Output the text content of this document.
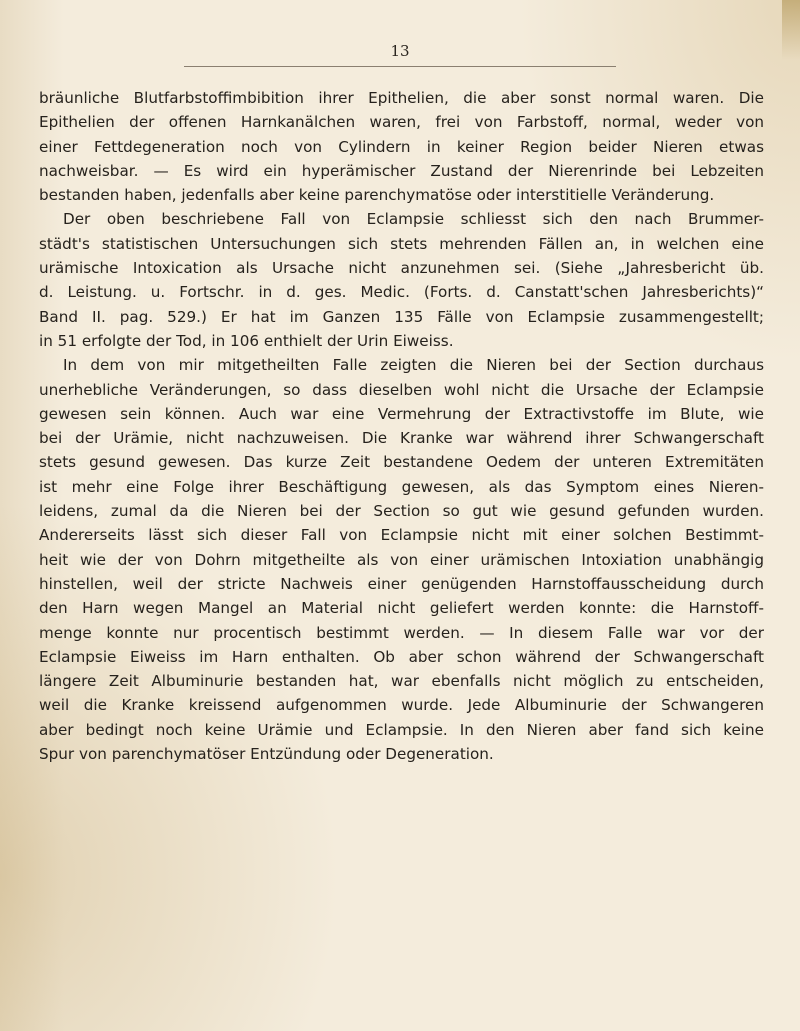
13
bräunliche Blutfarbstoffimbibition ihrer Epithelien, die aber sonst normal waren. Die
Epithelien der offenen Harnkanälchen waren, frei von Farbstoff, normal, weder von
einer Fettdegeneration noch von Cylindern in keiner Region beider Nieren etwas
nachweisbar. — Es wird ein hyperämischer Zustand der Nierenrinde bei Lebzeiten
bestanden haben, jedenfalls aber keine parenchymatöse oder interstitielle Veränderung.
Der oben beschriebene Fall von Eclampsie schliesst sich den nach Brummer-
städt's statistischen Untersuchungen sich stets mehrenden Fällen an, in welchen eine
urämische Intoxication als Ursache nicht anzunehmen sei. (Siehe „Jahresbericht üb.
d. Leistung. u. Fortschr. in d. ges. Medic. (Forts. d. Canstatt'schen Jahresberichts)“
Band II. pag. 529.) Er hat im Ganzen 135 Fälle von Eclampsie zusammengestellt;
in 51 erfolgte der Tod, in 106 enthielt der Urin Eiweiss.
In dem von mir mitgetheilten Falle zeigten die Nieren bei der Section durchaus
unerhebliche Veränderungen, so dass dieselben wohl nicht die Ursache der Eclampsie
gewesen sein können. Auch war eine Vermehrung der Extractivstoffe im Blute, wie
bei der Urämie, nicht nachzuweisen. Die Kranke war während ihrer Schwangerschaft
stets gesund gewesen. Das kurze Zeit bestandene Oedem der unteren Extremitäten
ist mehr eine Folge ihrer Beschäftigung gewesen, als das Symptom eines Nieren-
leidens, zumal da die Nieren bei der Section so gut wie gesund gefunden wurden.
Andererseits lässt sich dieser Fall von Eclampsie nicht mit einer solchen Bestimmt-
heit wie der von Dohrn mitgetheilte als von einer urämischen Intoxiation unabhängig
hinstellen, weil der stricte Nachweis einer genügenden Harnstoffausscheidung durch
den Harn wegen Mangel an Material nicht geliefert werden konnte: die Harnstoff-
menge konnte nur procentisch bestimmt werden. — In diesem Falle war vor der
Eclampsie Eiweiss im Harn enthalten. Ob aber schon während der Schwangerschaft
längere Zeit Albuminurie bestanden hat, war ebenfalls nicht möglich zu entscheiden,
weil die Kranke kreissend aufgenommen wurde. Jede Albuminurie der Schwangeren
aber bedingt noch keine Urämie und Eclampsie. In den Nieren aber fand sich keine
Spur von parenchymatöser Entzündung oder Degeneration.
